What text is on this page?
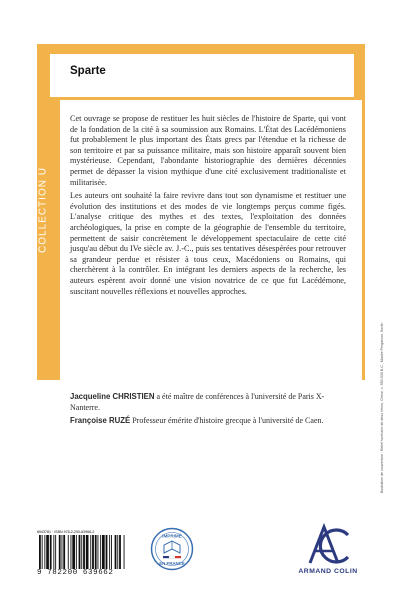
Sparte
COLLECTION U

Cet ouvrage se propose de restituer les huit siècles de l'histoire de Sparte, qui vont de la fondation de la cité à sa soumission aux Romains. L'État des Lacédémoniens fut probablement le plus important des États grecs par l'étendue et la richesse de son territoire et par sa puissance militaire, mais son histoire apparaît souvent bien mystérieuse. Cependant, l'abondante historiographie des dernières décennies permet de dépasser la vision mythique d'une cité exclusivement traditionaliste et militarisée.

Les auteurs ont souhaité la faire revivre dans tout son dynamisme et restituer une évolution des institutions et des modes de vie longtemps perçus comme figés. L'analyse critique des mythes et des textes, l'exploitation des données archéologiques, la prise en compte de la géographie de l'ensemble du territoire, permettent de saisir concrètement le développement spectaculaire de cette cité jusqu'au début du IVe siècle av. J.-C., puis ses tentatives désespérées pour retrouver sa grandeur perdue et résister à tous ceux, Macédoniens ou Romains, qui cherchèrent à la contrôler. En intégrant les derniers aspects de la recherche, les auteurs espèrent avoir donné une vision novatrice de ce que fut Lacédémone, suscitant nouvelles réflexions et nouvelles approches.

Jacqueline CHRISTIEN a été maître de conférences à l'université de Paris X-Nanterre.

Françoise RUZÉ Professeur émérite d'histoire grecque à l'université de Caen.	Illustration de couverture : Relief funéraire de deux héros, Grèce, c. 550-530 B.C., Musée Pergamon, Berlin
8943781 · ISBN 978-2-200-63966-2
9 782200 639662
IMPRIMÉ
EN FRANCE
ARMAND COLIN
